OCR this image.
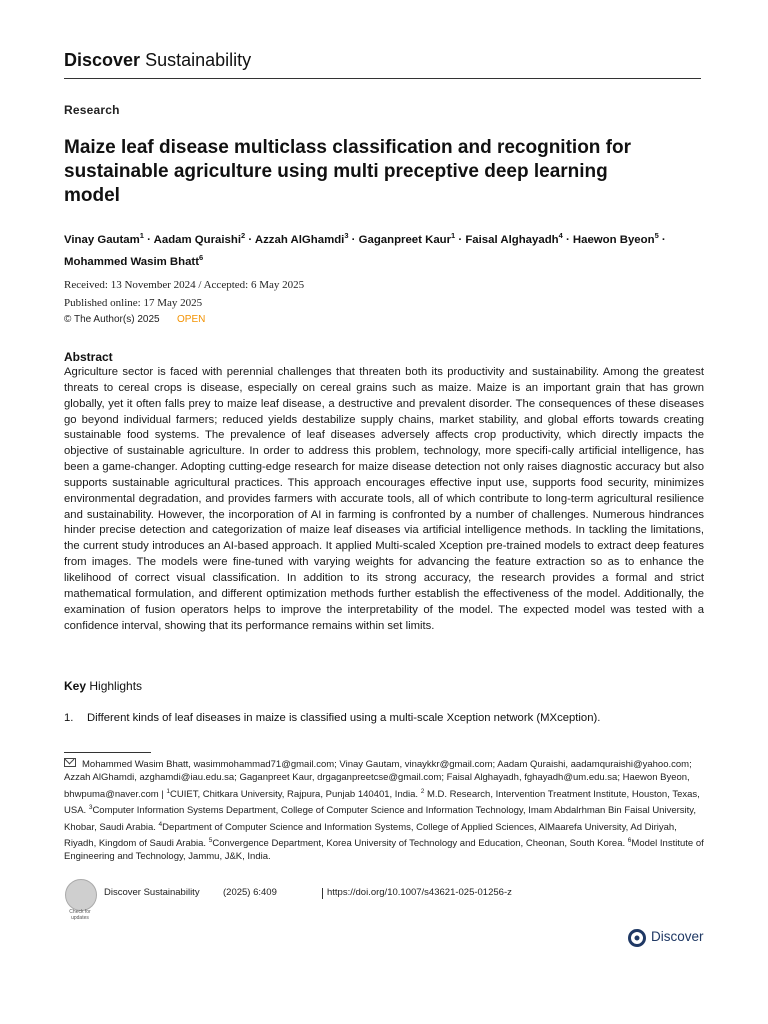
Discover Sustainability
Research
Maize leaf disease multiclass classification and recognition for sustainable agriculture using multi preceptive deep learning model
Vinay Gautam$^1$ · Aadam Quraishi$^2$ · Azzah AlGhamdi$^3$ · Gaganpreet Kaur$^1$ · Faisal Alghayadh$^4$ · Haewon Byeon$^5$ · Mohammed Wasim Bhatt$^6$
Received: 13 November 2024 / Accepted: 6 May 2025
Published online: 17 May 2025
© The Author(s) 2025 OPEN
Abstract
Agriculture sector is faced with perennial challenges that threaten both its productivity and sustainability. Among the greatest threats to cereal crops is disease, especially on cereal grains such as maize. Maize is an important grain that has grown globally, yet it often falls prey to maize leaf disease, a destructive and prevalent disorder. The consequences of these diseases go beyond individual farmers; reduced yields destabilize supply chains, market stability, and global efforts towards creating sustainable food systems. The prevalence of leaf diseases adversely affects crop productivity, which directly impacts the objective of sustainable agriculture. In order to address this problem, technology, more specifi-cally artificial intelligence, has been a game-changer. Adopting cutting-edge research for maize disease detection not only raises diagnostic accuracy but also supports sustainable agricultural practices. This approach encourages effective input use, supports food security, minimizes environmental degradation, and provides farmers with accurate tools, all of which contribute to long-term agricultural resilience and sustainability. However, the incorporation of AI in farming is confronted by a number of challenges. Numerous hindrances hinder precise detection and categorization of maize leaf diseases via artificial intelligence methods. In tackling the limitations, the current study introduces an AI-based approach. It applied Multi-scaled Xception pre-trained models to extract deep features from images. The models were fine-tuned with varying weights for advancing the feature extraction so as to enhance the likelihood of correct visual classification. In addition to its strong accuracy, the research provides a formal and strict mathematical formulation, and different optimization methods further establish the effectiveness of the model. Additionally, the examination of fusion operators helps to improve the interpretability of the model. The expected model was tested with a confidence interval, showing that its performance remains within set limits.
Key Highlights
1. Different kinds of leaf diseases in maize is classified using a multi-scale Xception network (MXception).
Mohammed Wasim Bhatt, wasimmohammad71@gmail.com; Vinay Gautam, vinaykkr@gmail.com; Aadam Quraishi, aadamquraishi@yahoo.com; Azzah AlGhamdi, azghamdi@iau.edu.sa; Gaganpreet Kaur, drgaganpreetcse@gmail.com; Faisal Alghayadh, fghayadh@um.edu.sa; Haewon Byeon, bhwpuma@naver.com | $^1$CUIET, Chitkara University, Rajpura, Punjab 140401, India. $^2$ M.D. Research, Intervention Treatment Institute, Houston, Texas, USA. $^3$Computer Information Systems Department, College of Computer Science and Information Technology, Imam Abdalrhman Bin Faisal University, Khobar, Saudi Arabia. $^4$Department of Computer Science and Information Systems, College of Applied Sciences, AlMaarefa University, Ad Diriyah, Riyadh, Kingdom of Saudi Arabia. $^5$Convergence Department, Korea University of Technology and Education, Cheonan, South Korea. $^6$Model Institute of Engineering and Technology, Jammu, J&K, India.
Check for updates
Discover Sustainability (2025) 6:409	https://doi.org/10.1007/s43621-025-01256-z
Discover
